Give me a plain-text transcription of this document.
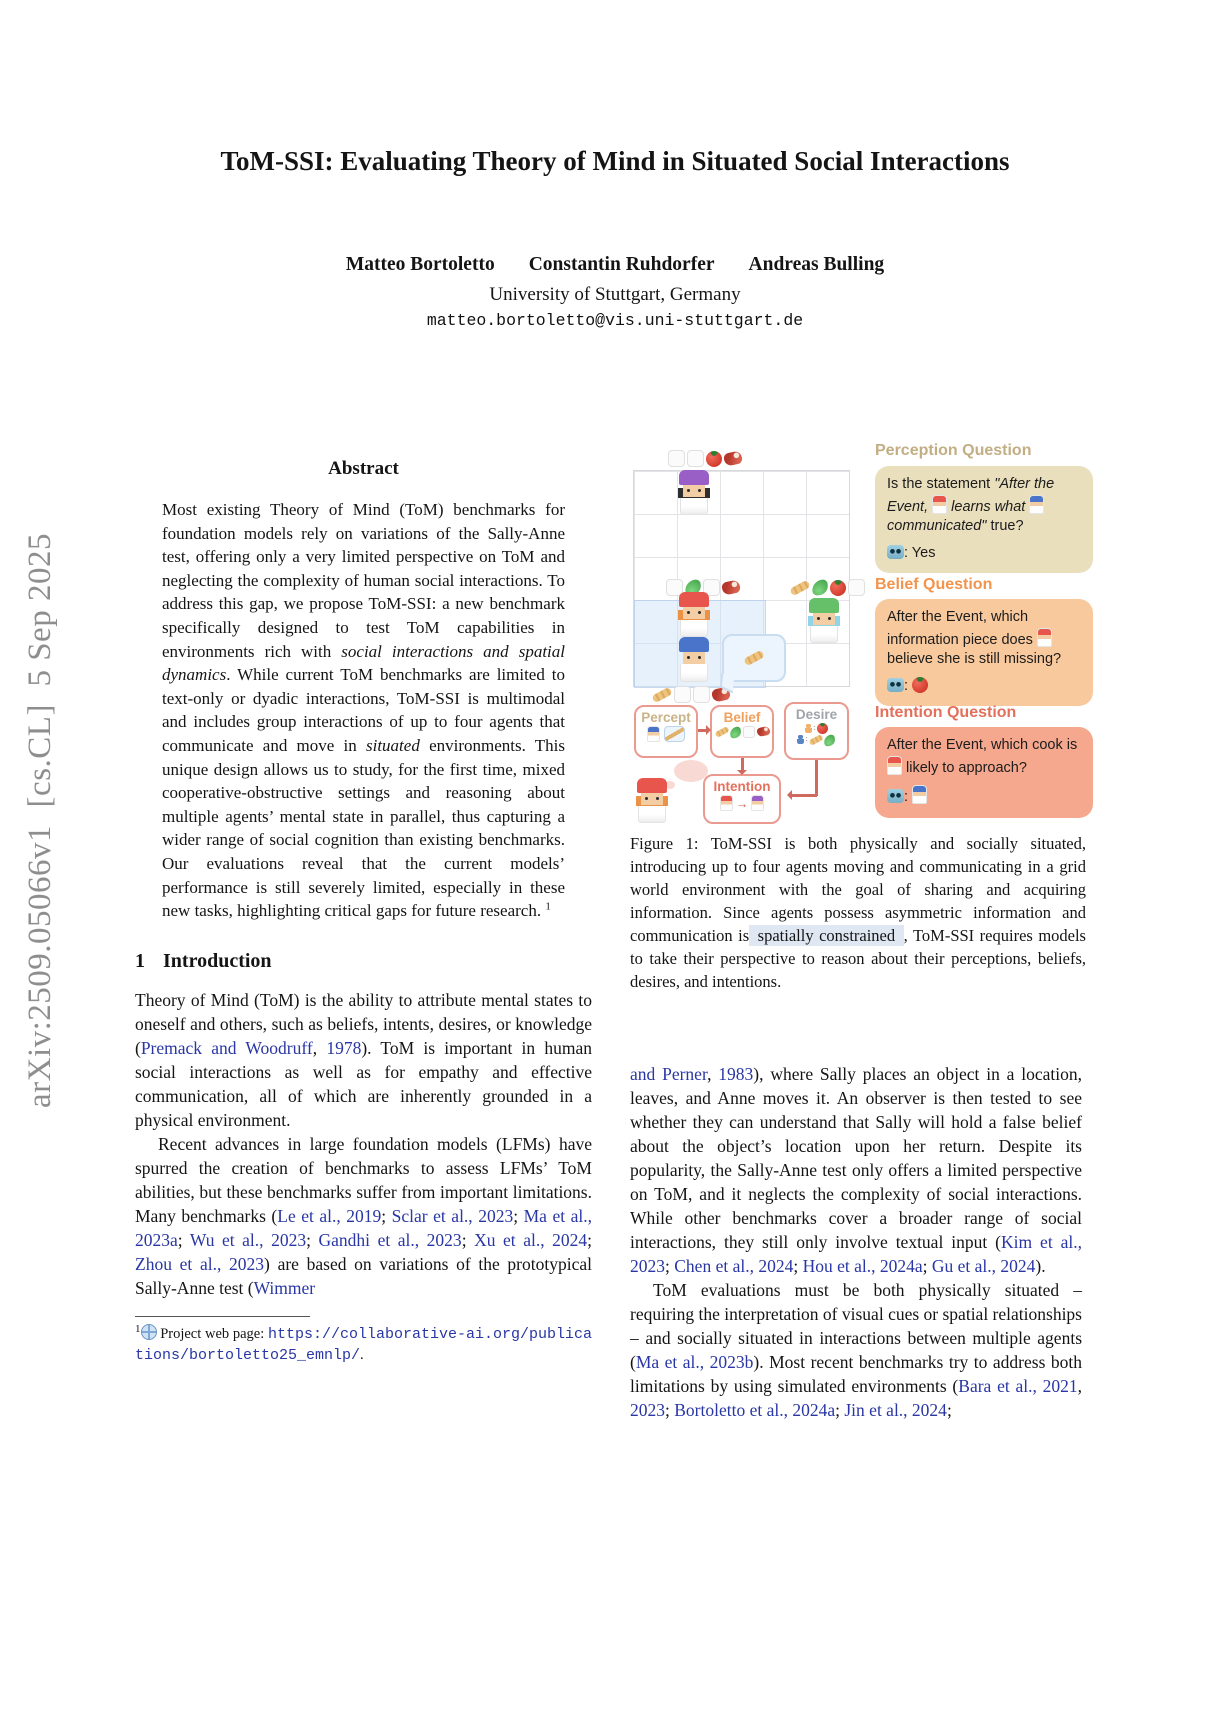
arXiv:2509.05066v1  [cs.CL]  5 Sep 2025
ToM-SSI: Evaluating Theory of Mind in Situated Social Interactions
Matteo Bortoletto Constantin Ruhdorfer Andreas Bulling
University of Stuttgart, Germany
matteo.bortoletto@vis.uni-stuttgart.de
Abstract
Most existing Theory of Mind (ToM) benchmarks for foundation models rely on variations of the Sally-Anne test, offering only a very limited perspective on ToM and neglecting the complexity of human social interactions. To address this gap, we propose ToM-SSI: a new benchmark specifically designed to test ToM capabilities in environments rich with social interactions and spatial dynamics. While current ToM benchmarks are limited to text-only or dyadic interactions, ToM-SSI is multimodal and includes group interactions of up to four agents that communicate and move in situated environments. This unique design allows us to study, for the first time, mixed cooperative-obstructive settings and reasoning about multiple agents’ mental state in parallel, thus capturing a wider range of social cognition than existing benchmarks. Our evaluations reveal that the current models’ performance is still severely limited, especially in these new tasks, highlighting critical gaps for future research. $^1$
1 Introduction

Theory of Mind (ToM) is the ability to attribute mental states to oneself and others, such as beliefs, intents, desires, or knowledge (Premack and Woodruff, 1978). ToM is important in human social interactions as well as for empathy and effective communication, all of which are inherently grounded in a physical environment.

Recent advances in large foundation models (LFMs) have spurred the creation of benchmarks to assess LFMs’ ToM abilities, but these benchmarks suffer from important limitations. Many benchmarks (Le et al., 2019; Sclar et al., 2023; Ma et al., 2023a; Wu et al., 2023; Gandhi et al., 2023; Xu et al., 2024; Zhou et al., 2023) are based on variations of the prototypical Sally-Anne test (Wimmer

$^1$ Project web page: https://collaborative-ai.org/publications/bortoletto25_emnlp/.
Percept	Belief	Desire
:
:
Intention
→
Perception Question
Is the statement "After the Event,  learns what  communicated" true?
: Yes
Belief Question
After the Event, which information piece does  believe she is still missing?
:
Intention Question
After the Event, which cook is  likely to approach?
:
Figure 1: ToM-SSI is both physically and socially situated, introducing up to four agents moving and communicating in a grid world environment with the goal of sharing and acquiring information. Since agents possess asymmetric information and communication is spatially constrained , ToM-SSI requires models to take their perspective to reason about their perceptions, beliefs, desires, and intentions.

and Perner, 1983), where Sally places an object in a location, leaves, and Anne moves it. An observer is then tested to see whether they can understand that Sally will hold a false belief about the object’s location upon her return. Despite its popularity, the Sally-Anne test only offers a limited perspective on ToM, and it neglects the complexity of social interactions. While other benchmarks cover a broader range of social interactions, they still only involve textual input (Kim et al., 2023; Chen et al., 2024; Hou et al., 2024a; Gu et al., 2024).

ToM evaluations must be both physically situated – requiring the interpretation of visual cues or spatial relationships – and socially situated in interactions between multiple agents (Ma et al., 2023b). Most recent benchmarks try to address both limitations by using simulated environments (Bara et al., 2021, 2023; Bortoletto et al., 2024a; Jin et al., 2024;
